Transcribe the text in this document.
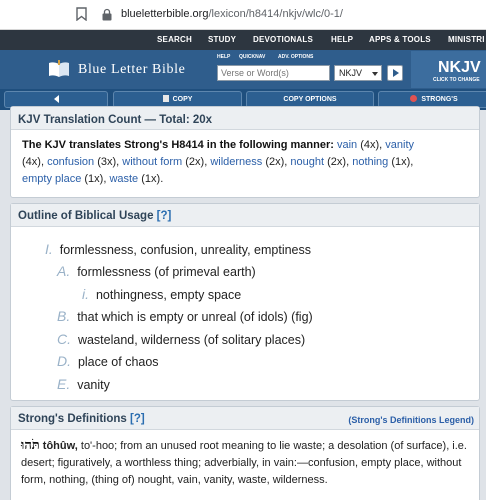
blueletterbible.org/lexicon/h8414/nkjv/wlc/0-1/
SEARCH STUDY DEVOTIONALS HELP APPS & TOOLS MINISTRI
Blue Letter Bible
HELP QUICKNAV	ADV. OPTIONS
Verse or Word(s)
NKJV	NKJV
CLICK TO CHANGE
COPY	COPY OPTIONS	STRONG'S
KJV Translation Count — Total: 20x
The KJV translates Strong's H8414 in the following manner: vain (4x), vanity (4x), confusion (3x), without form (2x), wilderness (2x), nought (2x), nothing (1x), empty place (1x), waste (1x).
Outline of Biblical Usage [?]
I. formlessness, confusion, unreality, emptiness
A. formlessness (of primeval earth)
i. nothingness, empty space
B. that which is empty or unreal (of idols) (fig)
C. wasteland, wilderness (of solitary places)
D. place of chaos
E. vanity
Strong's Definitions [?]	(Strong's Definitions Legend)
תֹּהוּ tôhûw, to'-hoo; from an unused root meaning to lie waste; a desolation (of surface), i.e. desert; figuratively, a worthless thing; adverbially, in vain:—confusion, empty place, without form, nothing, (thing of) nought, vain, vanity, waste, wilderness.
